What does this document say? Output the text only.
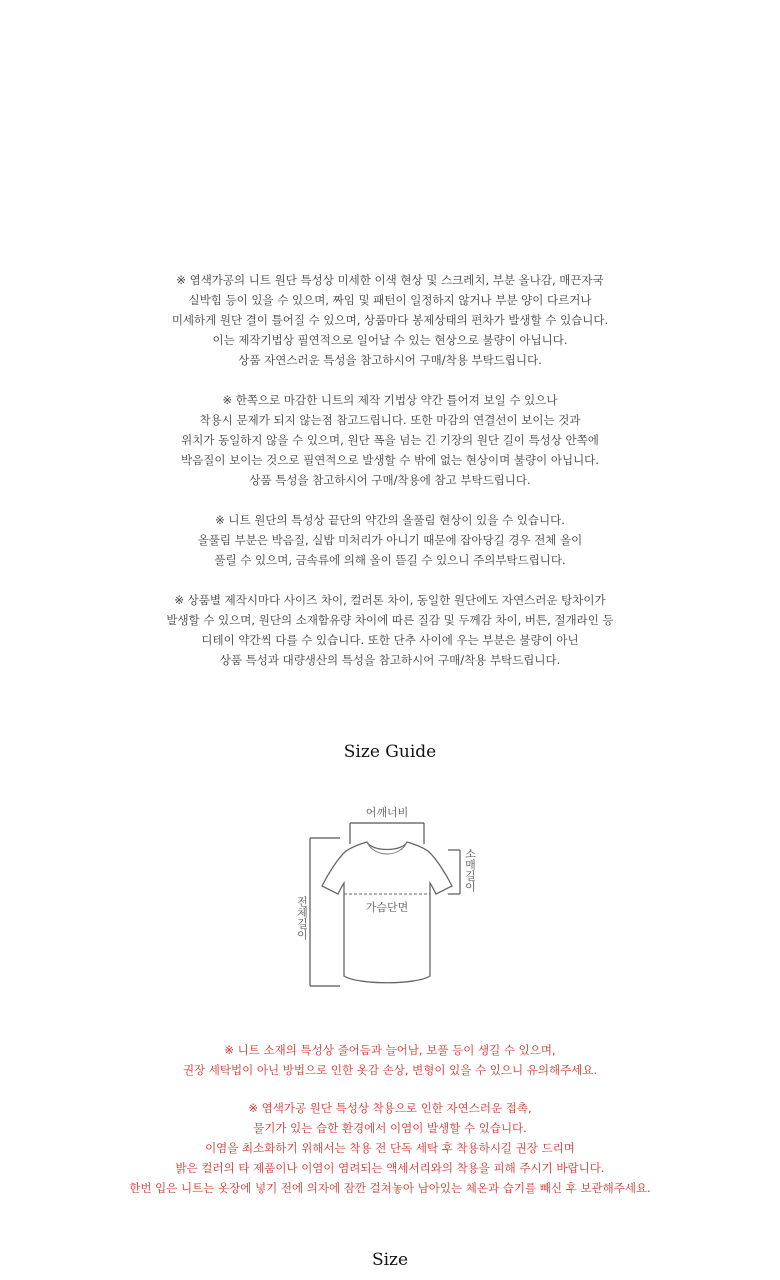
※ 염색가공의 니트 원단 특성상 미세한 이색 현상 및 스크레치, 부분 올나감, 매끈자국
실박힘 등이 있을 수 있으며, 짜임 및 패턴이 일정하지 않거나 부분 양이 다르거나
미세하게 원단 결이 틀어질 수 있으며, 상품마다 봉제상태의 편차가 발생할 수 있습니다.
이는 제작기법상 필연적으로 일어날 수 있는 현상으로 불량이 아닙니다.
상품 자연스러운 특성을 참고하시어 구매/착용 부탁드립니다.
※ 한쪽으로 마감한 니트의 제작 기법상 약간 틀어져 보일 수 있으나
착용시 문제가 되지 않는점 참고드립니다. 또한 마감의 연결선이 보이는 것과
위치가 동일하지 않을 수 있으며, 원단 폭을 넘는 긴 기장의 원단 길이 특성상 안쪽에
박음질이 보이는 것으로 필연적으로 발생할 수 밖에 없는 현상이며 불량이 아닙니다.
상품 특성을 참고하시어 구매/착용에 참고 부탁드립니다.
※ 니트 원단의 특성상 끝단의 약간의 올풀림 현상이 있을 수 있습니다.
올풀림 부분은 박음질, 실밥 미처리가 아니기 때문에 잡아당길 경우 전체 올이
풀릴 수 있으며, 금속류에 의해 올이 뜯길 수 있으니 주의부탁드립니다.
※ 상품별 제작시마다 사이즈 차이, 컬러톤 차이, 동일한 원단에도 자연스러운 탕차이가
발생할 수 있으며, 원단의 소재함유량 차이에 따른 질감 및 두께감 차이, 버튼, 절개라인 등
디테이 약간씩 다를 수 있습니다. 또한 단추 사이에 우는 부분은 불량이 아닌
상품 특성과 대량생산의 특성을 참고하시어 구매/착용 부탁드립니다.
Size Guide
어깨너비
전체길이
소매길이
가슴단면
※ 니트 소재의 특성상 줄어듬과 늘어남, 보풀 등이 생길 수 있으며,
권장 세탁법이 아닌 방법으로 인한 옷감 손상, 변형이 있을 수 있으니 유의해주세요.
※ 염색가공 원단 특성상 착용으로 인한 자연스러운 접촉,
물기가 있는 습한 환경에서 이염이 발생할 수 있습니다.
이염을 최소화하기 위해서는 착용 전 단독 세탁 후 착용하시길 권장 드리며
밝은 컬러의 타 제품이나 이염이 염려되는 액세서리와의 착용을 피해 주시기 바랍니다.
한번 입은 니트는 옷장에 넣기 전에 의자에 잠깐 걸쳐놓아 남아있는 체온과 습기를 빼신 후 보관해주세요.
Size
